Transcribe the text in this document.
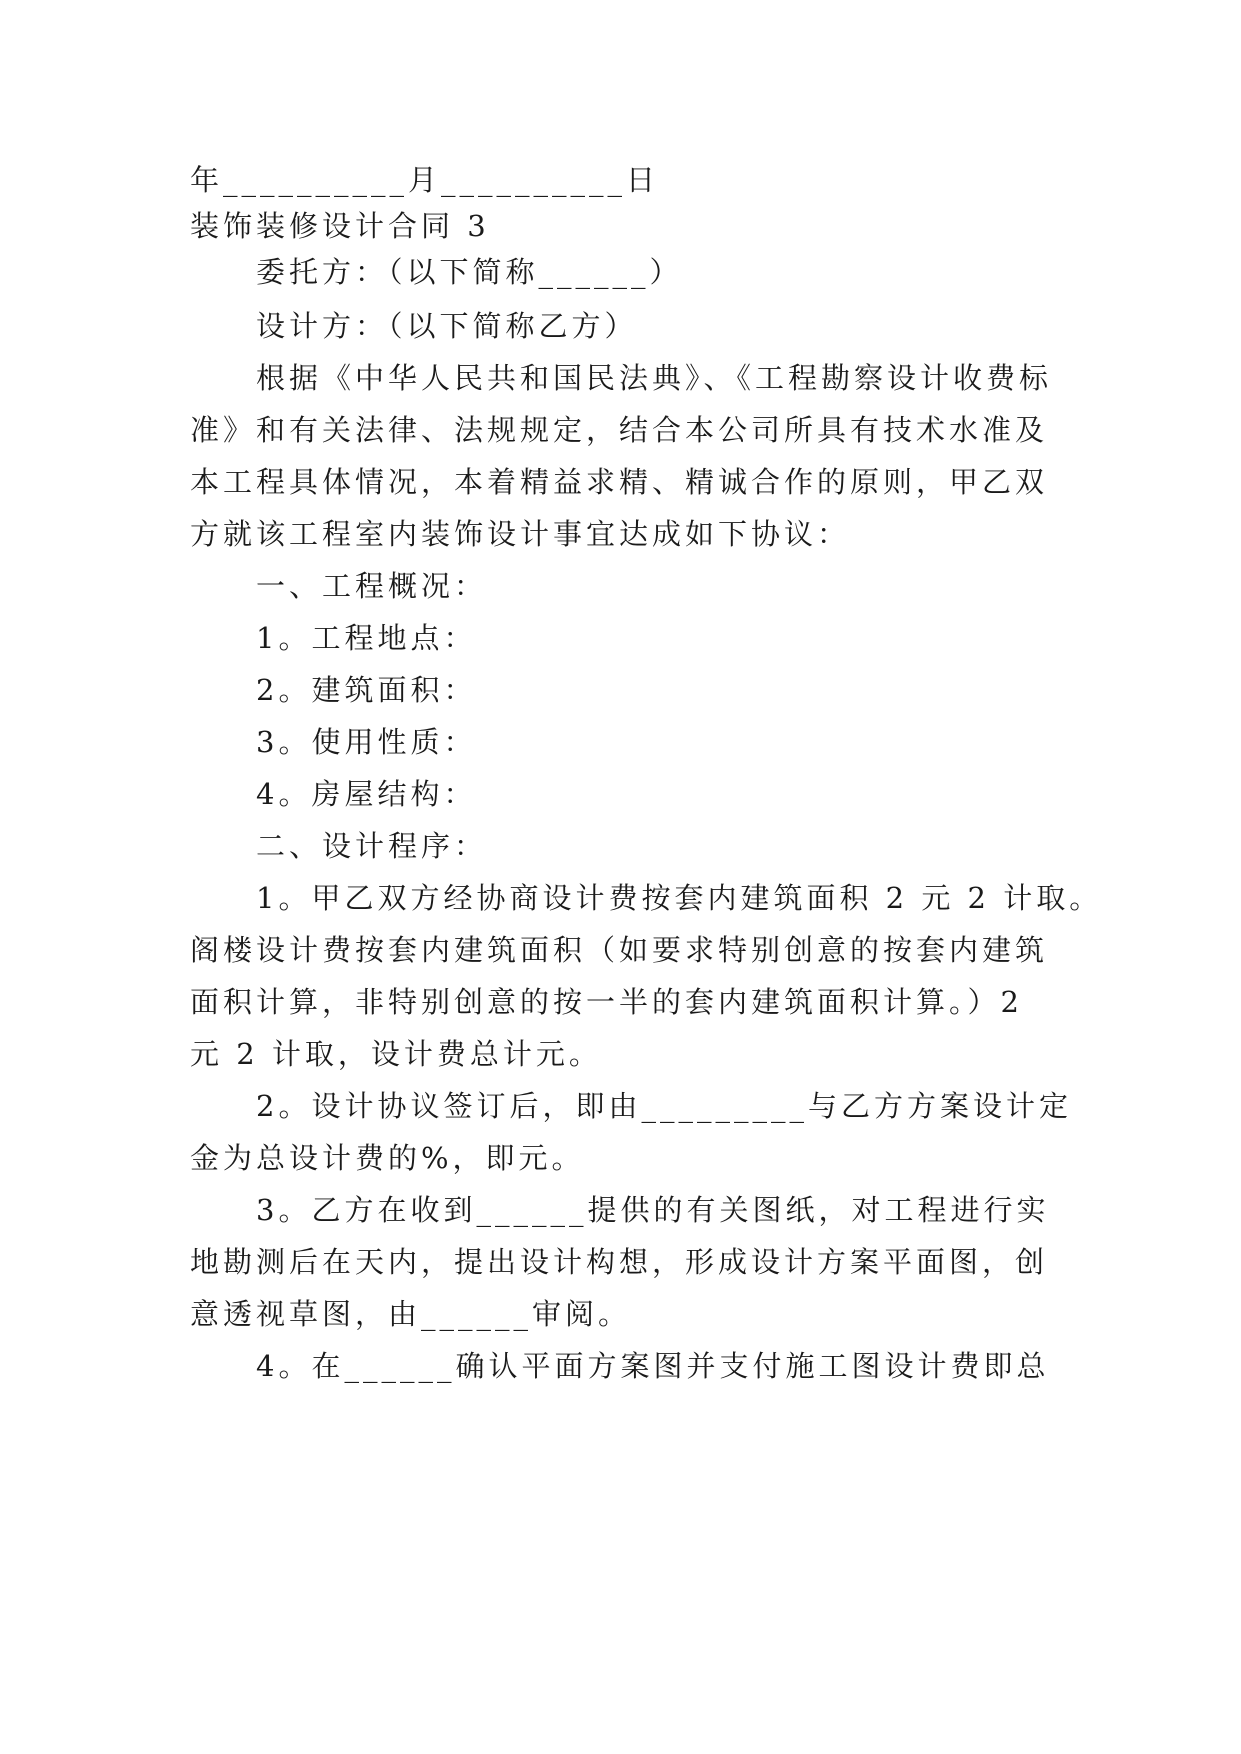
年__________月__________日
装饰装修设计合同 3
委托方：（以下简称______）
设计方：（以下简称乙方）
根据《中华人民共和国民法典》、《工程勘察设计收费标
准》和有关法律、法规规定，结合本公司所具有技术水准及
本工程具体情况，本着精益求精、精诚合作的原则，甲乙双
方就该工程室内装饰设计事宜达成如下协议：
一、工程概况：
1。工程地点：
2。建筑面积：
3。使用性质：
4。房屋结构：
二、设计程序：
1。甲乙双方经协商设计费按套内建筑面积 2 元 2 计取。
阁楼设计费按套内建筑面积（如要求特别创意的按套内建筑
面积计算，非特别创意的按一半的套内建筑面积计算。）2
元 2 计取，设计费总计元。
2。设计协议签订后，即由_________与乙方方案设计定
金为总设计费的%，即元。
3。乙方在收到______提供的有关图纸，对工程进行实
地勘测后在天内，提出设计构想，形成设计方案平面图，创
意透视草图，由______审阅。
4。在______确认平面方案图并支付施工图设计费即总
